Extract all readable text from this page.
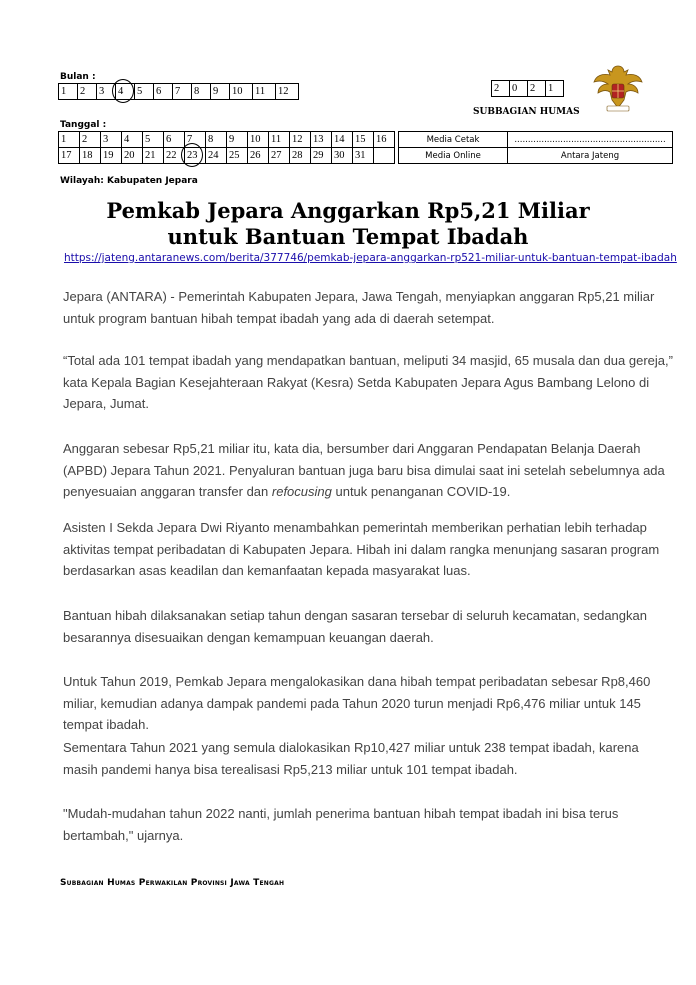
Bulan :
1	2	3	4	5	6	7	8	9	10	11	12	2	0	2	1
SUBBAGIAN HUMAS
Tanggal :
1	2	3	4	5	6	7	8	9	10	11	12	13	14	15	16
17	18	19	20	21	22	23	24	25	26	27	28	29	30	31	
Media Cetak	........................................................
Media Online	Antara Jateng
Wilayah: Kabupaten Jepara
Pemkab Jepara Anggarkan Rp5,21 Miliar
untuk Bantuan Tempat Ibadah
https://jateng.antaranews.com/berita/377746/pemkab-jepara-anggarkan-rp521-miliar-untuk-bantuan-tempat-ibadah
Jepara (ANTARA) - Pemerintah Kabupaten Jepara, Jawa Tengah, menyiapkan anggaran Rp5,21 miliar untuk program bantuan hibah tempat ibadah yang ada di daerah setempat.
“Total ada 101 tempat ibadah yang mendapatkan bantuan, meliputi 34 masjid, 65 musala dan dua gereja,” kata Kepala Bagian Kesejahteraan Rakyat (Kesra) Setda Kabupaten Jepara Agus Bambang Lelono di Jepara, Jumat.
Anggaran sebesar Rp5,21 miliar itu, kata dia, bersumber dari Anggaran Pendapatan Belanja Daerah (APBD) Jepara Tahun 2021. Penyaluran bantuan juga baru bisa dimulai saat ini setelah sebelumnya ada penyesuaian anggaran transfer dan refocusing untuk penanganan COVID-19.
Asisten I Sekda Jepara Dwi Riyanto menambahkan pemerintah memberikan perhatian lebih terhadap aktivitas tempat peribadatan di Kabupaten Jepara. Hibah ini dalam rangka menunjang sasaran program berdasarkan asas keadilan dan kemanfaatan kepada masyarakat luas.
Bantuan hibah dilaksanakan setiap tahun dengan sasaran tersebar di seluruh kecamatan, sedangkan besarannya disesuaikan dengan kemampuan keuangan daerah.
Untuk Tahun 2019, Pemkab Jepara mengalokasikan dana hibah tempat peribadatan sebesar Rp8,460 miliar, kemudian adanya dampak pandemi pada Tahun 2020 turun menjadi Rp6,476 miliar untuk 145 tempat ibadah.
Sementara Tahun 2021 yang semula dialokasikan Rp10,427 miliar untuk 238 tempat ibadah, karena masih pandemi hanya bisa terealisasi Rp5,213 miliar untuk 101 tempat ibadah.
"Mudah-mudahan tahun 2022 nanti, jumlah penerima bantuan hibah tempat ibadah ini bisa terus bertambah," ujarnya.
Subbagian Humas Perwakilan Provinsi Jawa Tengah
